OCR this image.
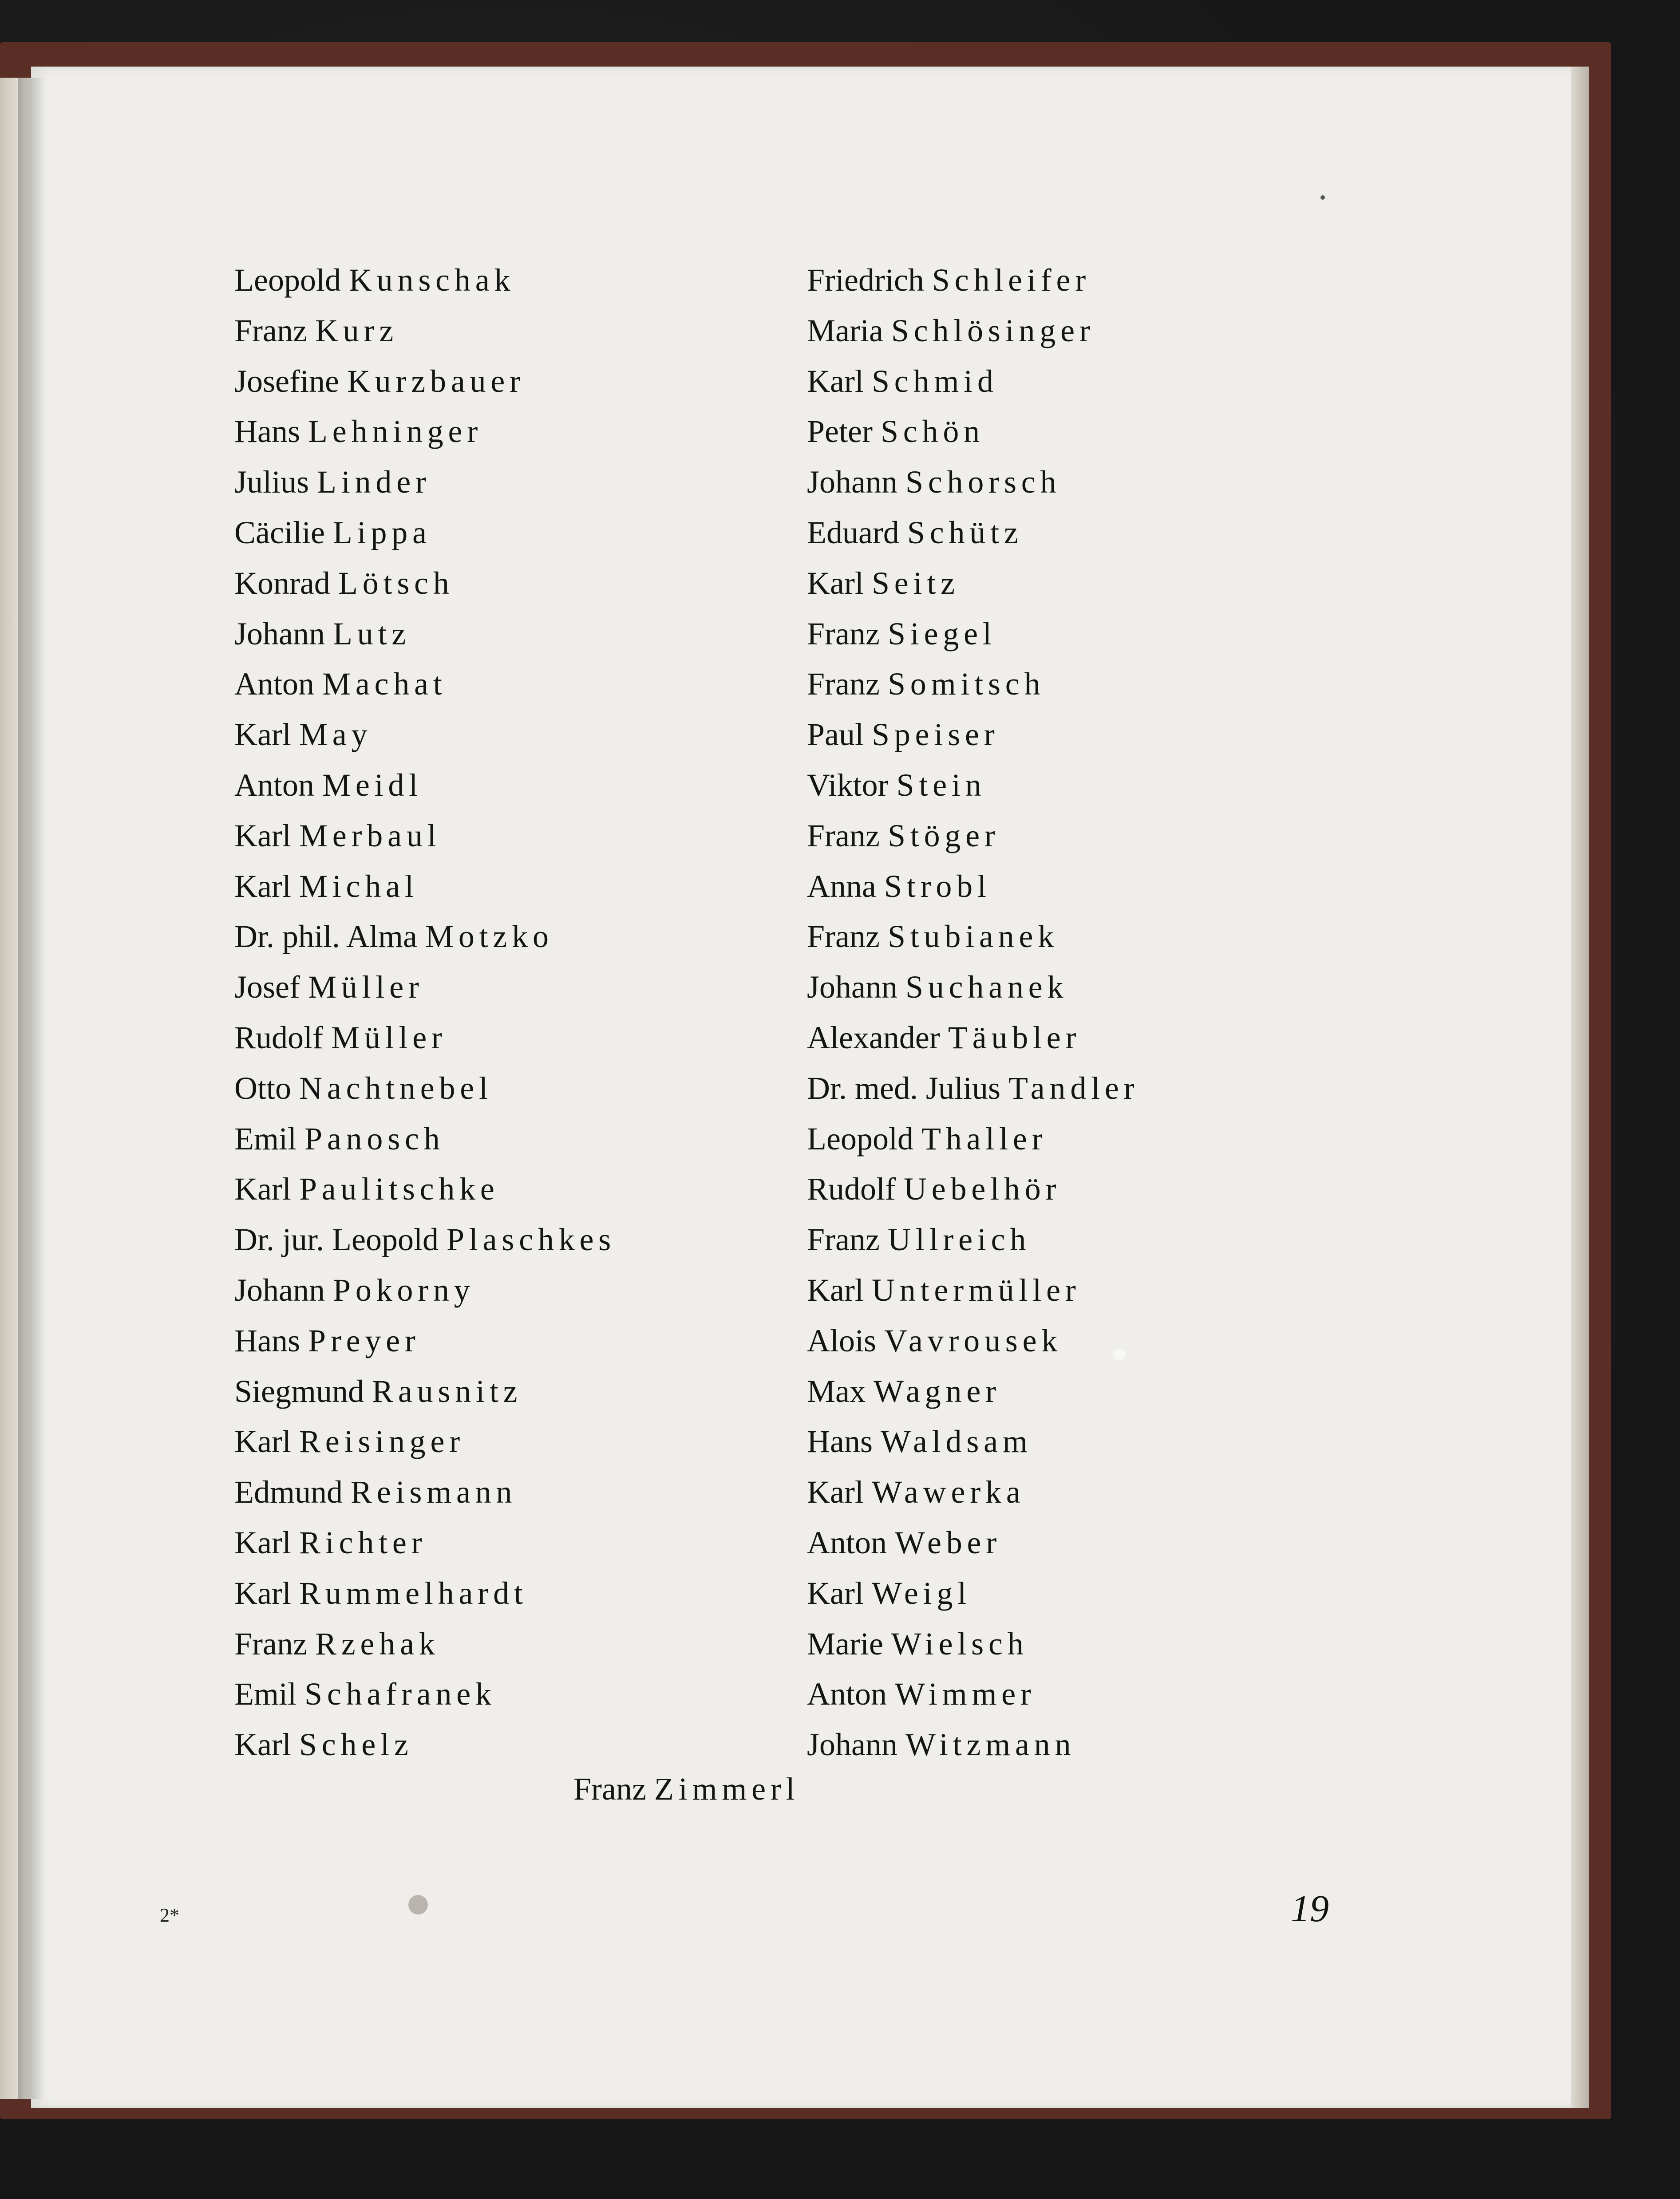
Leopold Kunschak
Franz Kurz
Josefine Kurzbauer
Hans Lehninger
Julius Linder
Cäcilie Lippa
Konrad Lötsch
Johann Lutz
Anton Machat
Karl May
Anton Meidl
Karl Merbaul
Karl Michal
Dr. phil. Alma Motzko
Josef Müller
Rudolf Müller
Otto Nachtnebel
Emil Panosch
Karl Paulitschke
Dr. jur. Leopold Plaschkes
Johann Pokorny
Hans Preyer
Siegmund Rausnitz
Karl Reisinger
Edmund Reismann
Karl Richter
Karl Rummelhardt
Franz Rzehak
Emil Schafranek
Karl Schelz
Friedrich Schleifer
Maria Schlösinger
Karl Schmid
Peter Schön
Johann Schorsch
Eduard Schütz
Karl Seitz
Franz Siegel
Franz Somitsch
Paul Speiser
Viktor Stein
Franz Stöger
Anna Strobl
Franz Stubianek
Johann Suchanek
Alexander Täubler
Dr. med. Julius Tandler
Leopold Thaller
Rudolf Uebelhör
Franz Ullreich
Karl Untermüller
Alois Vavrousek
Max Wagner
Hans Waldsam
Karl Wawerka
Anton Weber
Karl Weigl
Marie Wielsch
Anton Wimmer
Johann Witzmann
Franz Zimmerl
2*	19
